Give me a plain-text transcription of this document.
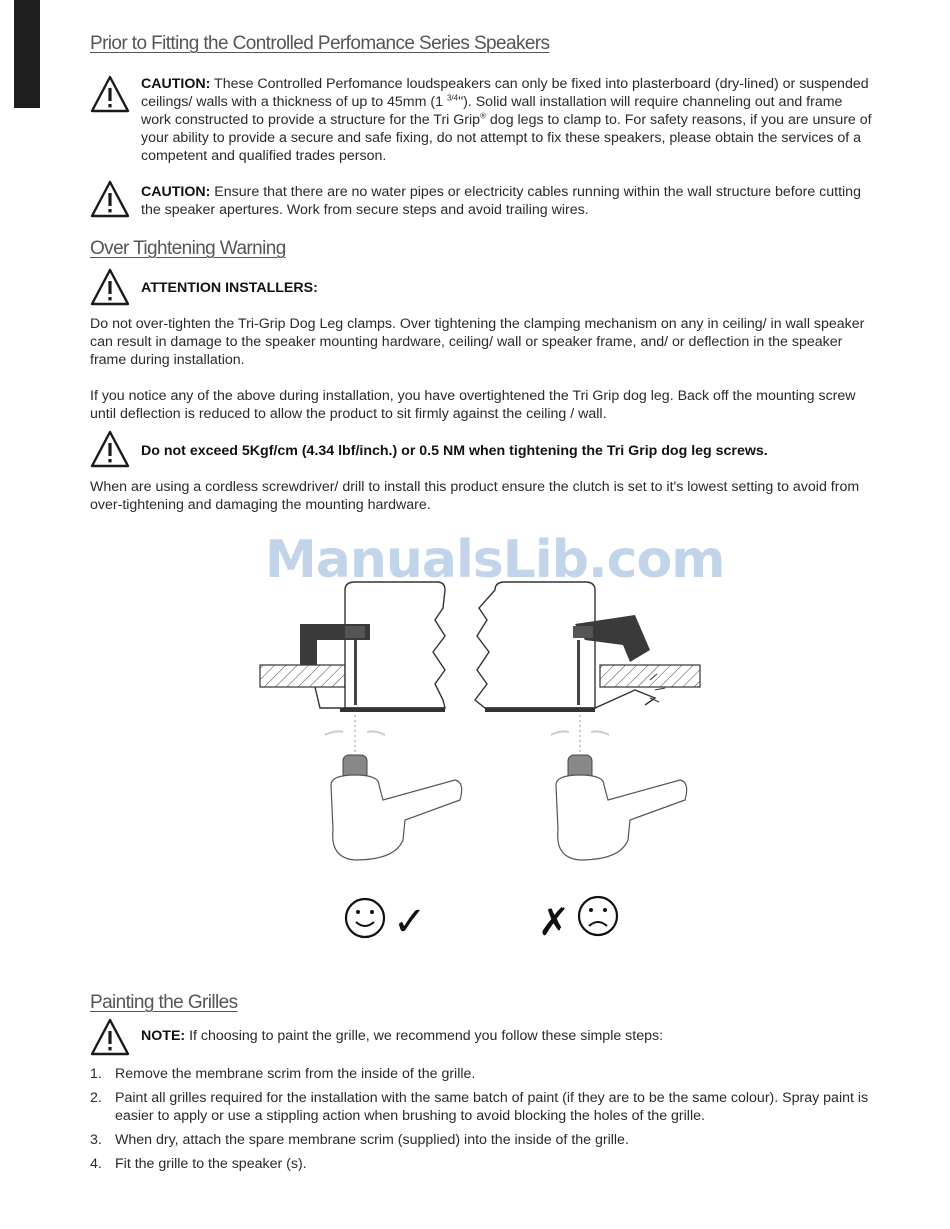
Prior to Fitting the Controlled Perfomance Series Speakers

CAUTION: These Controlled Perfomance loudspeakers can only be fixed into plasterboard (dry-lined) or suspended ceilings/ walls with a thickness of up to 45mm (1 $^{3/4}$"). Solid wall installation will require channeling out and frame work constructed to provide a structure for the Tri Grip® dog legs to clamp to. For safety reasons, if you are unsure of your ability to provide a secure and safe fixing, do not attempt to fix these speakers, please obtain the services of a competent and qualified trades person.

CAUTION: Ensure that there are no water pipes or electricity cables running within the wall structure before cutting the speaker apertures. Work from secure steps and avoid trailing wires.

Over Tightening Warning

ATTENTION INSTALLERS:

Do not over-tighten the Tri-Grip Dog Leg clamps. Over tightening the clamping mechanism on any in ceiling/ in wall speaker can result in damage to the speaker mounting hardware, ceiling/ wall or speaker frame, and/ or deflection in the speaker frame during installation.

If you notice any of the above during installation, you have overtightened the Tri Grip dog leg. Back off the mounting screw until deflection is reduced to allow the product to sit firmly against the ceiling / wall.

Do not exceed 5Kgf/cm (4.34 lbf/inch.) or 0.5 NM when tightening the Tri Grip dog leg screws.

When are using a cordless screwdriver/ drill to install this product ensure the clutch is set to it's lowest setting to avoid from over-tightening and damaging the mounting hardware.

✓	✗
ManualsLib.com
Painting the Grilles

NOTE: If choosing to paint the grille, we recommend you follow these simple steps:

1. Remove the membrane scrim from the inside of the grille.
2. Paint all grilles required for the installation with the same batch of paint (if they are to be the same colour). Spray paint is easier to apply or use a stippling action when brushing to avoid blocking the holes of the grille.
3. When dry, attach the spare membrane scrim (supplied) into the inside of the grille.
4. Fit the grille to the speaker (s).
